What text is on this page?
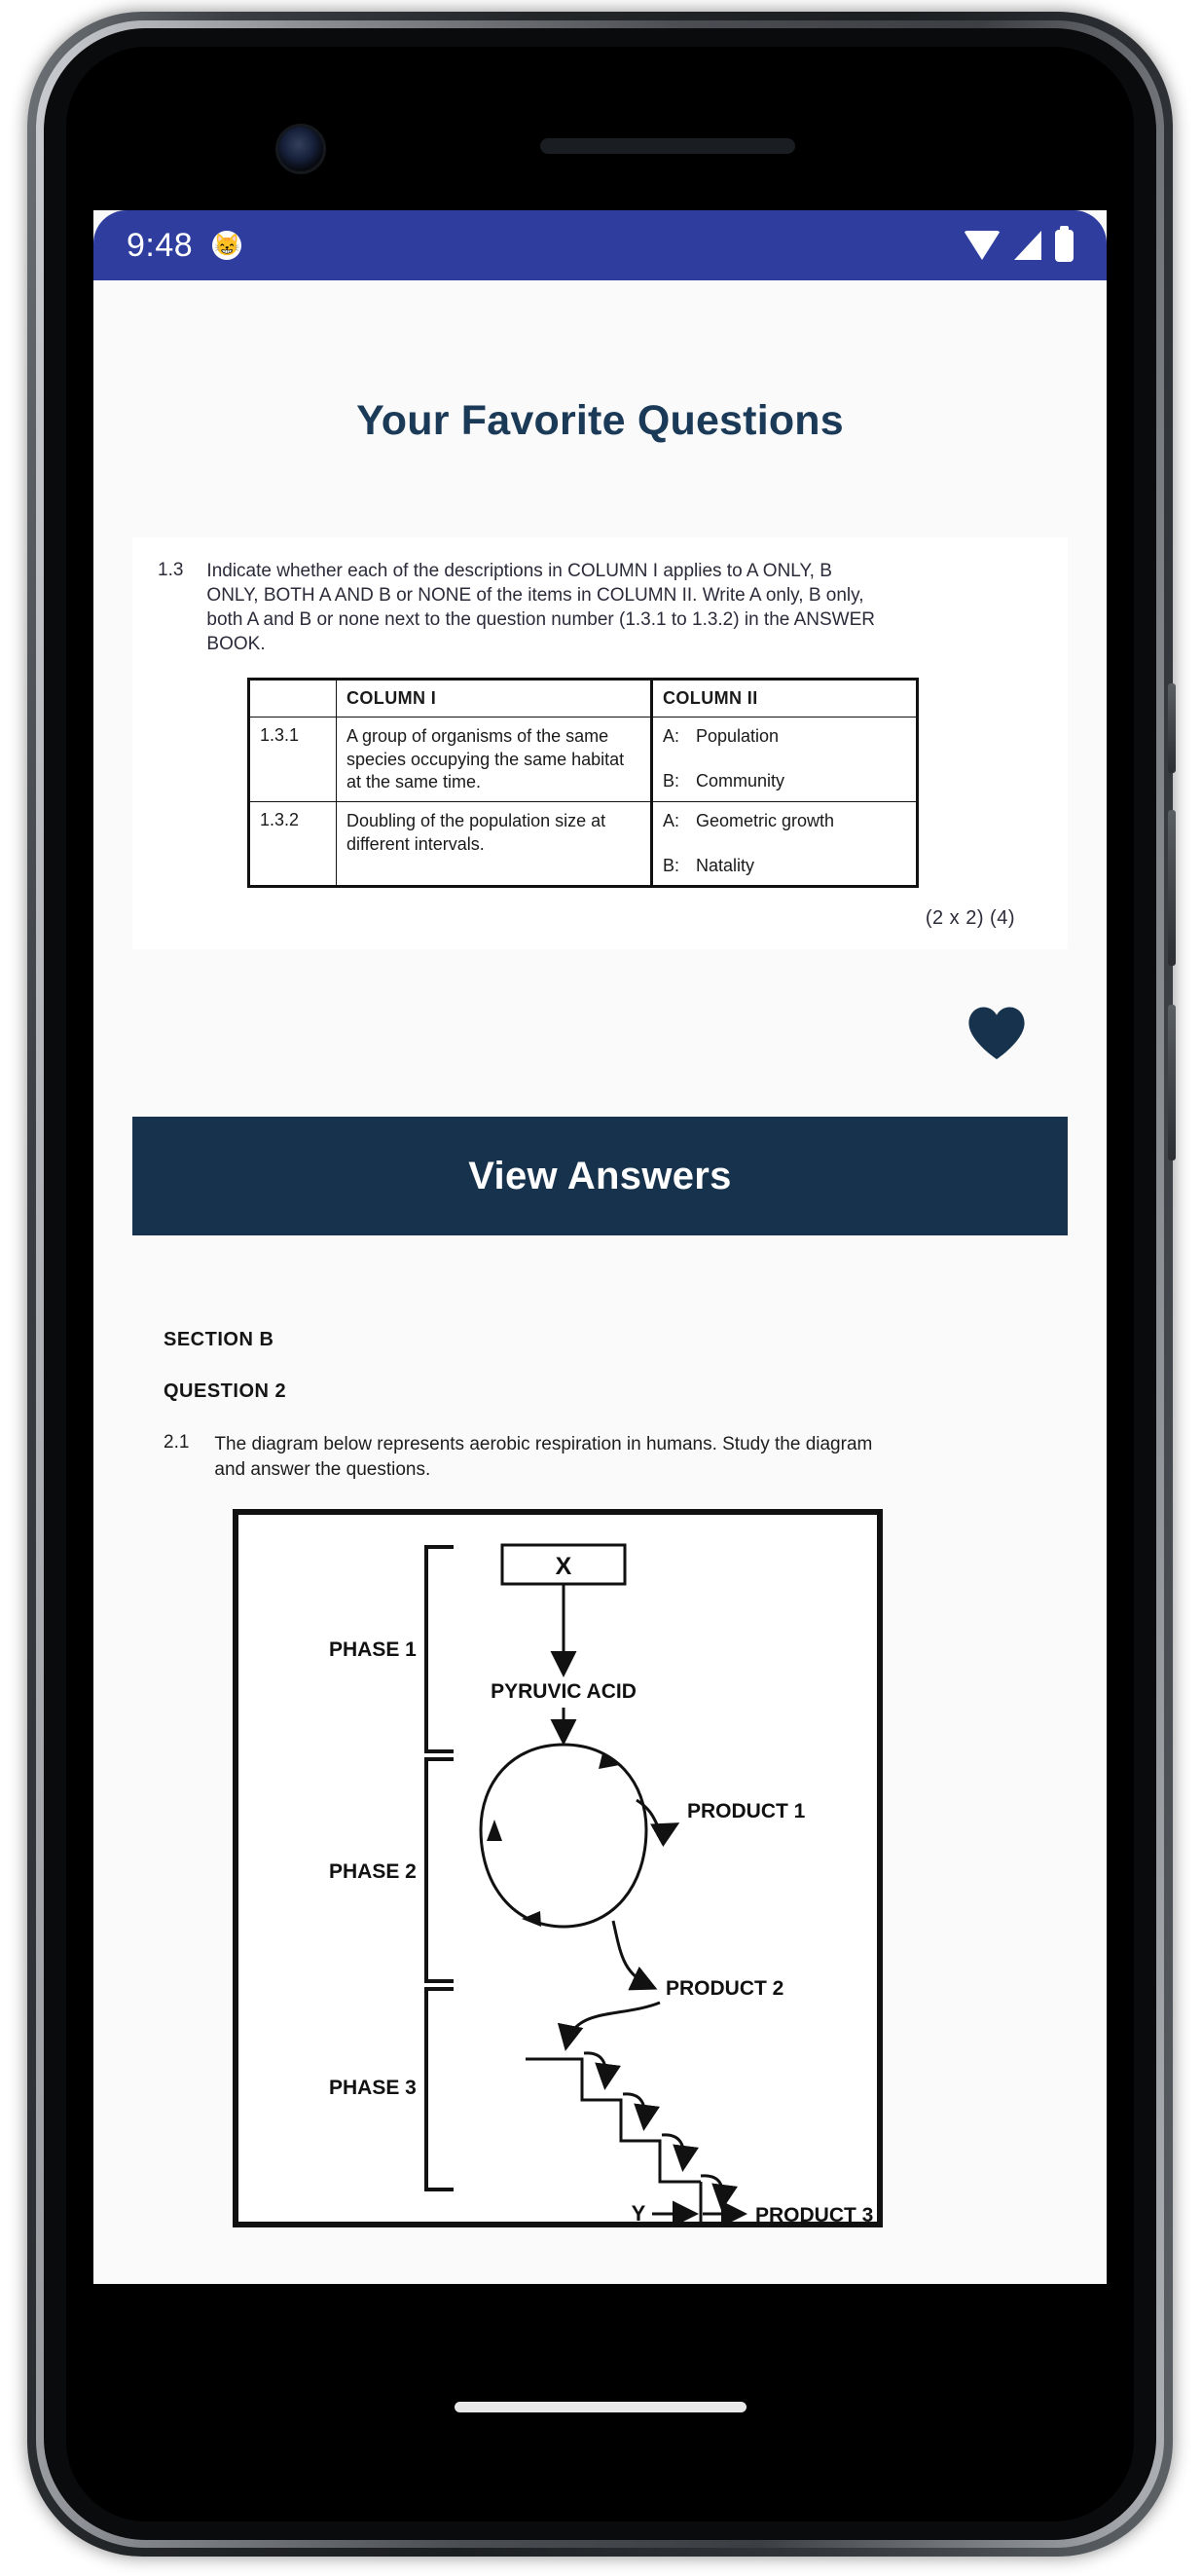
9:48 😸
Your Favorite Questions
1.3 Indicate whether each of the descriptions in COLUMN I applies to A ONLY, B ONLY, BOTH A AND B or NONE of the items in COLUMN II. Write A only, B only, both A and B or none next to the question number (1.3.1 to 1.3.2) in the ANSWER BOOK.
	COLUMN I	COLUMN II
1.3.1	A group of organisms of the same species occupying the same habitat at the same time.	A: Population
B: Community

1.3.2	Doubling of the population size at different intervals.	A: Geometric growth
B: Natality
(2 x 2) (4)
View Answers
SECTION B
QUESTION 2
2.1 The diagram below represents aerobic respiration in humans. Study the diagram and answer the questions.
PHASE 1
PHASE 2
PHASE 3
X
PYRUVIC ACID
PRODUCT 1
PRODUCT 2
Y	PRODUCT 3
